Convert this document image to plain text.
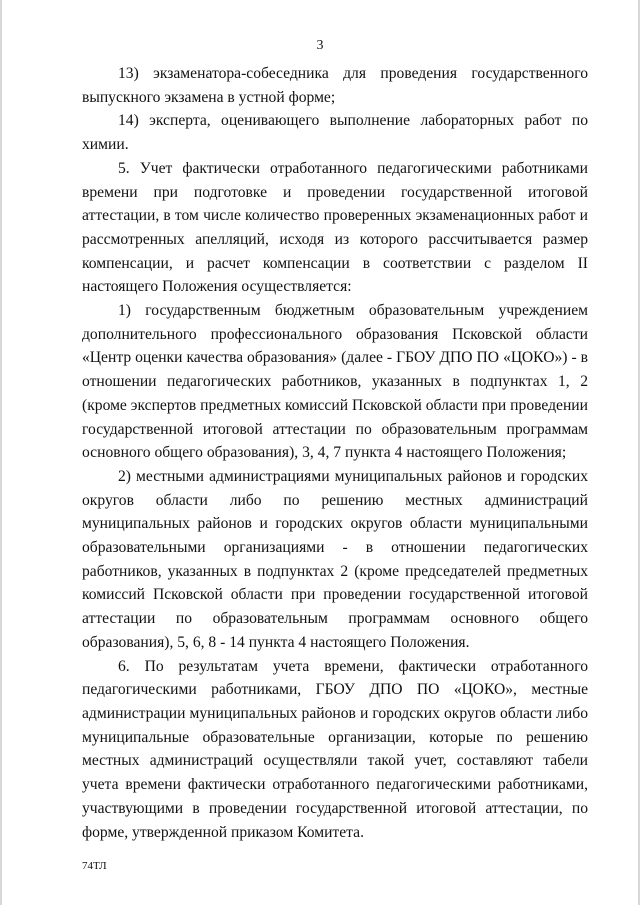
3

13) экзаменатора-собеседника для проведения государственного выпускного экзамена в устной форме;

14) эксперта, оценивающего выполнение лабораторных работ по химии.

5. Учет фактически отработанного педагогическими работниками времени при подготовке и проведении государственной итоговой аттестации, в том числе количество проверенных экзаменационных работ и рассмотренных апелляций, исходя из которого рассчитывается размер компенсации, и расчет компенсации в соответствии с разделом II настоящего Положения осуществляется:

1) государственным бюджетным образовательным учреждением дополнительного профессионального образования Псковской области «Центр оценки качества образования» (далее - ГБОУ ДПО ПО «ЦОКО») - в отношении педагогических работников, указанных в подпунктах 1, 2 (кроме экспертов предметных комиссий Псковской области при проведении государственной итоговой аттестации по образовательным программам основного общего образования), 3, 4, 7 пункта 4 настоящего Положения;

2) местными администрациями муниципальных районов и городских округов области либо по решению местных администраций муниципальных районов и городских округов области муниципальными образовательными организациями - в отношении педагогических работников, указанных в подпунктах 2 (кроме председателей предметных комиссий Псковской области при проведении государственной итоговой аттестации по образовательным программам основного общего образования), 5, 6, 8 - 14 пункта 4 настоящего Положения.

6. По результатам учета времени, фактически отработанного педагогическими работниками, ГБОУ ДПО ПО «ЦОКО», местные администрации муниципальных районов и городских округов области либо муниципальные образовательные организации, которые по решению местных администраций осуществляли такой учет, составляют табели учета времени фактически отработанного педагогическими работниками, участвующими в проведении государственной итоговой аттестации, по форме, утвержденной приказом Комитета.

74ТЛ
